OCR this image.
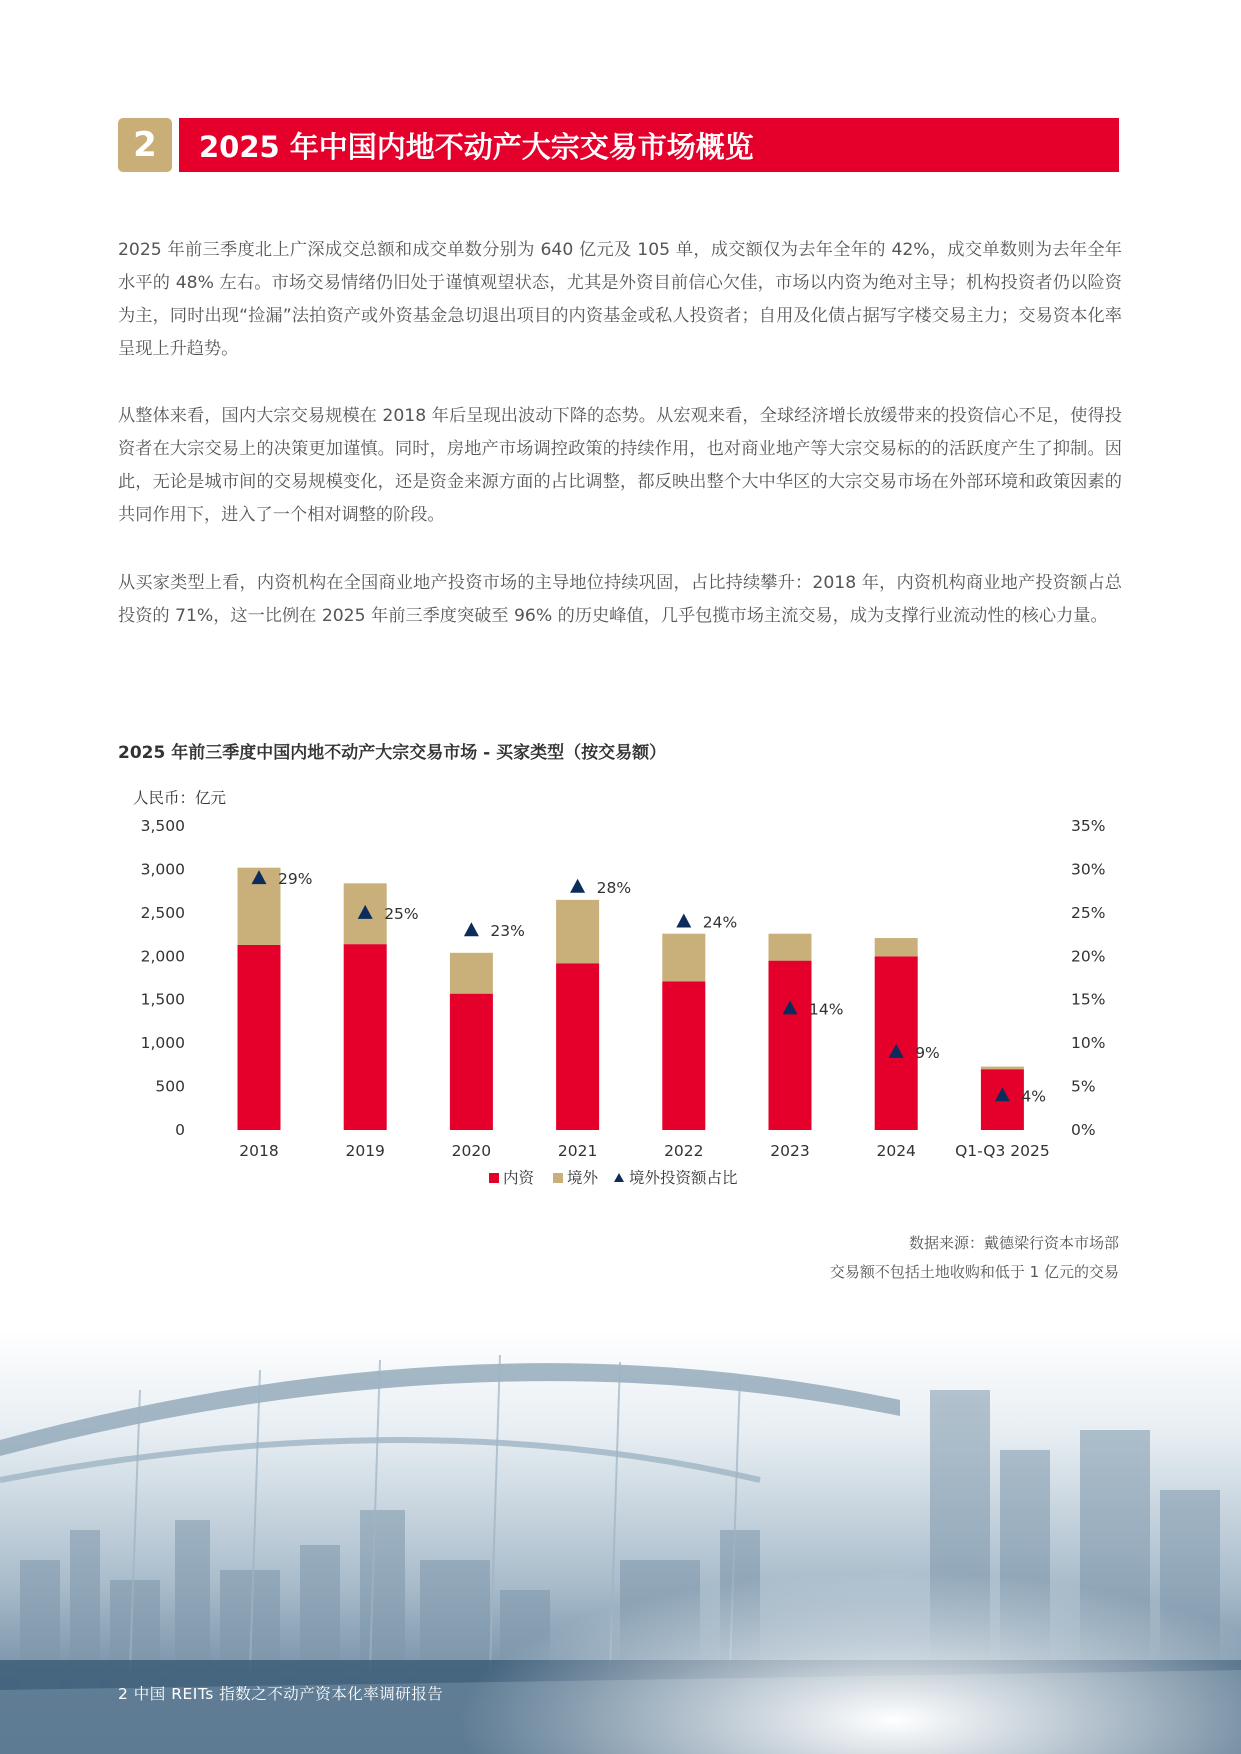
2	2025 年中国内地不动产大宗交易市场概览

2025 年前三季度北上广深成交总额和成交单数分别为 640 亿元及 105 单，成交额仅为去年全年的 42%，成交单数则为去年全年水平的 48% 左右。市场交易情绪仍旧处于谨慎观望状态，尤其是外资目前信心欠佳，市场以内资为绝对主导；机构投资者仍以险资为主，同时出现“捡漏”法拍资产或外资基金急切退出项目的内资基金或私人投资者；自用及化债占据写字楼交易主力；交易资本化率呈现上升趋势。

从整体来看，国内大宗交易规模在 2018 年后呈现出波动下降的态势。从宏观来看，全球经济增长放缓带来的投资信心不足，使得投资者在大宗交易上的决策更加谨慎。同时，房地产市场调控政策的持续作用，也对商业地产等大宗交易标的的活跃度产生了抑制。因此，无论是城市间的交易规模变化，还是资金来源方面的占比调整，都反映出整个大中华区的大宗交易市场在外部环境和政策因素的共同作用下，进入了一个相对调整的阶段。

从买家类型上看，内资机构在全国商业地产投资市场的主导地位持续巩固，占比持续攀升：2018 年，内资机构商业地产投资额占总投资的 71%，这一比例在 2025 年前三季度突破至 96% 的历史峰值，几乎包揽市场主流交易，成为支撑行业流动性的核心力量。

2025 年前三季度中国内地不动产大宗交易市场 - 买家类型（按交易额）
人民币：亿元
0
500
1,000
1,500
2,000
2,500
3,000
3,500
0%
5%
10%
15%
20%
25%
30%
35%
29%
25%
23%
28%
24%
14%
9%
4%
2018	2019	2020	2021	2022	2023	2024	Q1-Q3 2025
内资 境外 境外投资额占比
数据来源：戴德梁行资本市场部
交易额不包括土地收购和低于 1 亿元的交易
2 中国 REITs 指数之不动产资本化率调研报告
